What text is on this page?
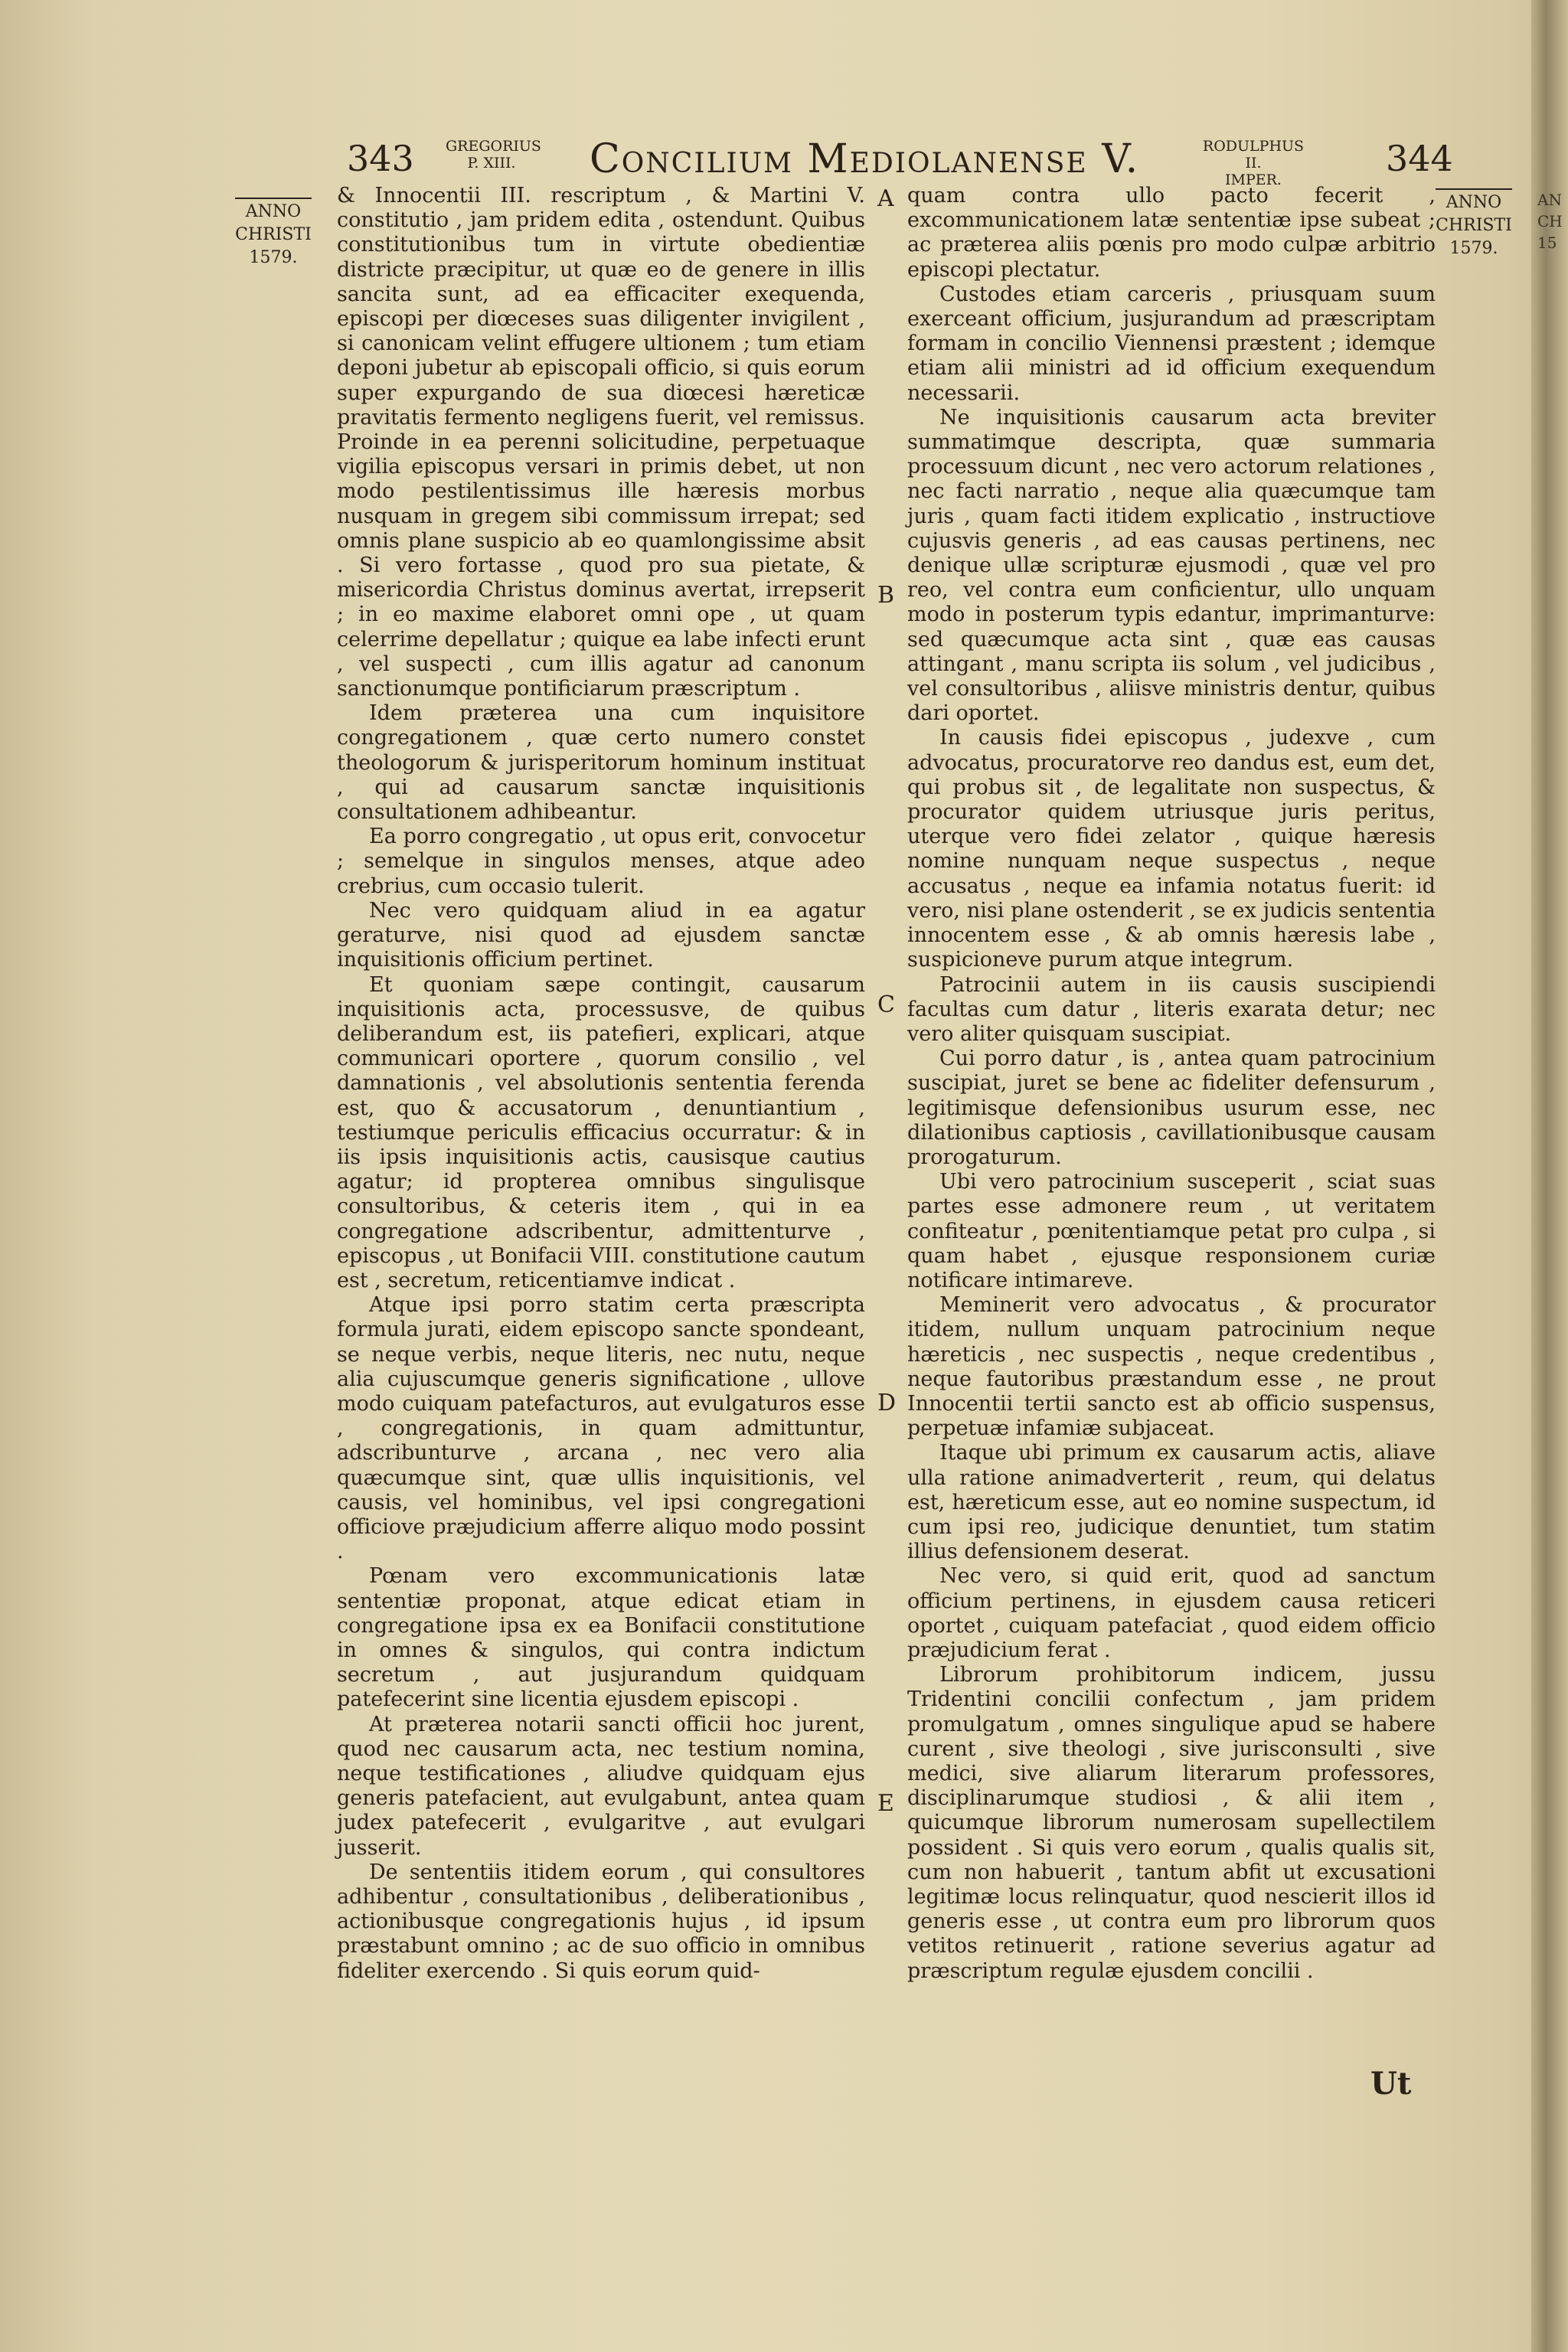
343 GREGORIUS
P. XIII.	Concilium Mediolanense V.	RODULPHUS II.
IMPER.
344
ANNO
CHRISTI
1579.
ANNO
CHRISTI
1579.

& Innocentii III. rescriptum , & Martini V. constitutio , jam pridem edita , ostendunt. Quibus constitutionibus tum in virtute obedientiæ districte præcipitur, ut quæ eo de genere in illis sancita sunt, ad ea efficaciter exequenda, episcopi per diœceses suas diligenter invigilent , si canonicam velint effugere ultionem ; tum etiam deponi jubetur ab episcopali officio, si quis eorum super expurgando de sua diœcesi hæreticæ pravitatis fermento negligens fuerit, vel remissus. Proinde in ea perenni solicitudine, perpetuaque vigilia episcopus versari in primis debet, ut non modo pestilentissimus ille hæresis morbus nusquam in gregem sibi commissum irrepat; sed omnis plane suspicio ab eo quamlongissime absit . Si vero fortasse , quod pro sua pietate, & misericordia Christus dominus avertat, irrepserit ; in eo maxime elaboret omni ope , ut quam celerrime depellatur ; quique ea labe infecti erunt , vel suspecti , cum illis agatur ad canonum sanctionumque pontificiarum præscriptum .

Idem præterea una cum inquisitore congregationem , quæ certo numero constet theologorum & jurisperitorum hominum instituat , qui ad causarum sanctæ inquisitionis consultationem adhibeantur.

Ea porro congregatio , ut opus erit, convocetur ; semelque in singulos menses, atque adeo crebrius, cum occasio tulerit.

Nec vero quidquam aliud in ea agatur geraturve, nisi quod ad ejusdem sanctæ inquisitionis officium pertinet.

Et quoniam sæpe contingit, causarum inquisitionis acta, processusve, de quibus deliberandum est, iis patefieri, explicari, atque communicari oportere , quorum consilio , vel damnationis , vel absolutionis sententia ferenda est, quo & accusatorum , denuntiantium , testiumque periculis efficacius occurratur: & in iis ipsis inquisitionis actis, causisque cautius agatur; id propterea omnibus singulisque consultoribus, & ceteris item , qui in ea congregatione adscribentur, admittenturve , episcopus , ut Bonifacii VIII. constitutione cautum est , secretum, reticentiamve indicat .

Atque ipsi porro statim certa præscripta formula jurati, eidem episcopo sancte spondeant, se neque verbis, neque literis, nec nutu, neque alia cujuscumque generis significatione , ullove modo cuiquam patefacturos, aut evulgaturos esse , congregationis, in quam admittuntur, adscribunturve , arcana , nec vero alia quæcumque sint, quæ ullis inquisitionis, vel causis, vel hominibus, vel ipsi congregationi officiove præjudicium afferre aliquo modo possint .

Pœnam vero excommunicationis latæ sententiæ proponat, atque edicat etiam in congregatione ipsa ex ea Bonifacii constitutione in omnes & singulos, qui contra indictum secretum , aut jusjurandum quidquam patefecerint sine licentia ejusdem episcopi .

At præterea notarii sancti officii hoc jurent, quod nec causarum acta, nec testium nomina, neque testificationes , aliudve quidquam ejus generis patefacient, aut evulgabunt, antea quam judex patefecerit , evulgaritve , aut evulgari jusserit.

De sententiis itidem eorum , qui consultores adhibentur , consultationibus , deliberationibus , actionibusque congregationis hujus , id ipsum præstabunt omnino ; ac de suo officio in omnibus fideliter exercendo . Si quis eorum quid-

A
B
C
D
E

quam contra ullo pacto fecerit , excommunicationem latæ sententiæ ipse subeat ; ac præterea aliis pœnis pro modo culpæ arbitrio episcopi plectatur.

Custodes etiam carceris , priusquam suum exerceant officium, jusjurandum ad præscriptam formam in concilio Viennensi præstent ; idemque etiam alii ministri ad id officium exequendum necessarii.

Ne inquisitionis causarum acta breviter summatimque descripta, quæ summaria processuum dicunt , nec vero actorum relationes , nec facti narratio , neque alia quæcumque tam juris , quam facti itidem explicatio , instructiove cujusvis generis , ad eas causas pertinens, nec denique ullæ scripturæ ejusmodi , quæ vel pro reo, vel contra eum conficientur, ullo unquam modo in posterum typis edantur, imprimanturve: sed quæcumque acta sint , quæ eas causas attingant , manu scripta iis solum , vel judicibus , vel consultoribus , aliisve ministris dentur, quibus dari oportet.

In causis fidei episcopus , judexve , cum advocatus, procuratorve reo dandus est, eum det, qui probus sit , de legalitate non suspectus, & procurator quidem utriusque juris peritus, uterque vero fidei zelator , quique hæresis nomine nunquam neque suspectus , neque accusatus , neque ea infamia notatus fuerit: id vero, nisi plane ostenderit , se ex judicis sententia innocentem esse , & ab omnis hæresis labe , suspicioneve purum atque integrum.

Patrocinii autem in iis causis suscipiendi facultas cum datur , literis exarata detur; nec vero aliter quisquam suscipiat.

Cui porro datur , is , antea quam patrocinium suscipiat, juret se bene ac fideliter defensurum , legitimisque defensionibus usurum esse, nec dilationibus captiosis , cavillationibusque causam prorogaturum.

Ubi vero patrocinium susceperit , sciat suas partes esse admonere reum , ut veritatem confiteatur , pœnitentiamque petat pro culpa , si quam habet , ejusque responsionem curiæ notificare intimareve.

Meminerit vero advocatus , & procurator itidem, nullum unquam patrocinium neque hæreticis , nec suspectis , neque credentibus , neque fautoribus præstandum esse , ne prout Innocentii tertii sancto est ab officio suspensus, perpetuæ infamiæ subjaceat.

Itaque ubi primum ex causarum actis, aliave ulla ratione animadverterit , reum, qui delatus est, hæreticum esse, aut eo nomine suspectum, id cum ipsi reo, judicique denuntiet, tum statim illius defensionem deserat.

Nec vero, si quid erit, quod ad sanctum officium pertinens, in ejusdem causa reticeri oportet , cuiquam patefaciat , quod eidem officio præjudicium ferat .

Librorum prohibitorum indicem, jussu Tridentini concilii confectum , jam pridem promulgatum , omnes singulique apud se habere curent , sive theologi , sive jurisconsulti , sive medici, sive aliarum literarum professores, disciplinarumque studiosi , & alii item , quicumque librorum numerosam supellectilem possident . Si quis vero eorum , qualis qualis sit, cum non habuerit , tantum abfit ut excusationi legitimæ locus relinquatur, quod nescierit illos id generis esse , ut contra eum pro librorum quos vetitos retinuerit , ratione severius agatur ad præscriptum regulæ ejusdem concilii .

Ut
AN
CH
15
